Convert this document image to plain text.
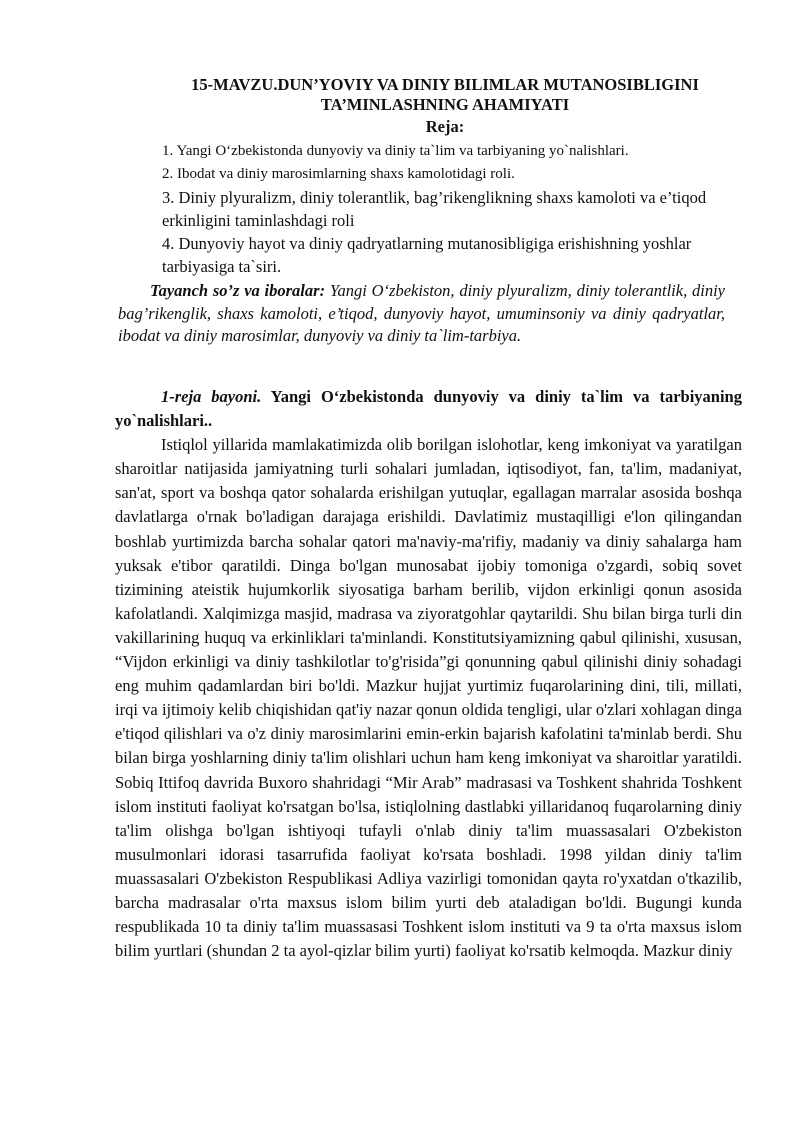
15-MAVZU.DUN’YOVIY VA DINIY BILIMLAR MUTANOSIBLIGINI
TA’MINLASHNING AHAMIYATI
Reja:
1. Yangi O‘zbekistonda dunyoviy va diniy ta`lim va tarbiyaning yo`nalishlari.
2. Ibodat va diniy marosimlarning shaxs kamolotidagi roli.
3. Diniy plyuralizm, diniy tolerantlik, bag’rikenglikning shaxs kamoloti va e’tiqod erkinligini taminlashdagi roli
4. Dunyoviy hayot va diniy qadryatlarning mutanosibligiga erishishning yoshlar tarbiyasiga ta`siri.
Tayanch so’z va iboralar: Yangi O‘zbekiston, diniy plyuralizm, diniy tolerantlik, diniy bag’rikenglik, shaxs kamoloti, e’tiqod, dunyoviy hayot, umuminsoniy va diniy qadryatlar, ibodat va diniy marosimlar, dunyoviy va diniy ta`lim-tarbiya.

1-reja bayoni. Yangi O‘zbekistonda dunyoviy va diniy ta`lim va tarbiyaning yo`nalishlari..

Istiqlol yillarida mamlakatimizda olib borilgan islohotlar, keng imkoniyat va yaratilgan sharoitlar natijasida jamiyatning turli sohalari jumladan, iqtisodiyot, fan, ta'lim, madaniyat, san'at, sport va boshqa qator sohalarda erishilgan yutuqlar, egallagan marralar asosida boshqa davlatlarga o'rnak bo'ladigan darajaga erishildi. Davlatimiz mustaqilligi e'lon qilingandan boshlab yurtimizda barcha sohalar qatori ma'naviy-ma'rifiy, madaniy va diniy sahalarga ham yuksak e'tibor qaratildi. Dinga bo'lgan munosabat ijobiy tomoniga o'zgardi, sobiq sovet tizimining ateistik hujumkorlik siyosatiga barham berilib, vijdon erkinligi qonun asosida kafolatlandi. Xalqimizga masjid, madrasa va ziyoratgohlar qaytarildi. Shu bilan birga turli din vakillarining huquq va erkinliklari ta'minlandi. Konstitutsiyamizning qabul qilinishi, xususan, “Vijdon erkinligi va diniy tashkilotlar to'g'risida”gi qonunning qabul qilinishi diniy sohadagi eng muhim qadamlardan biri bo'ldi. Mazkur hujjat yurtimiz fuqarolarining dini, tili, millati, irqi va ijtimoiy kelib chiqishidan qat'iy nazar qonun oldida tengligi, ular o'zlari xohlagan dinga e'tiqod qilishlari va o'z diniy marosimlarini emin-erkin bajarish kafolatini ta'minlab berdi. Shu bilan birga yoshlarning diniy ta'lim olishlari uchun ham keng imkoniyat va sharoitlar yaratildi. Sobiq Ittifoq davrida Buxoro shahridagi “Mir Arab” madrasasi va Toshkent shahrida Toshkent islom instituti faoliyat ko'rsatgan bo'lsa, istiqlolning dastlabki yillaridanoq fuqarolarning diniy ta'lim olishga bo'lgan ishtiyoqi tufayli o'nlab diniy ta'lim muassasalari O'zbekiston musulmonlari idorasi tasarrufida faoliyat ko'rsata boshladi. 1998 yildan diniy ta'lim muassasalari O'zbekiston Respublikasi Adliya vazirligi tomonidan qayta ro'yxatdan o'tkazilib, barcha madrasalar o'rta maxsus islom bilim yurti deb ataladigan bo'ldi. Bugungi kunda respublikada 10 ta diniy ta'lim muassasasi Toshkent islom instituti va 9 ta o'rta maxsus islom bilim yurtlari (shundan 2 ta ayol-qizlar bilim yurti) faoliyat ko'rsatib kelmoqda. Mazkur diniy
